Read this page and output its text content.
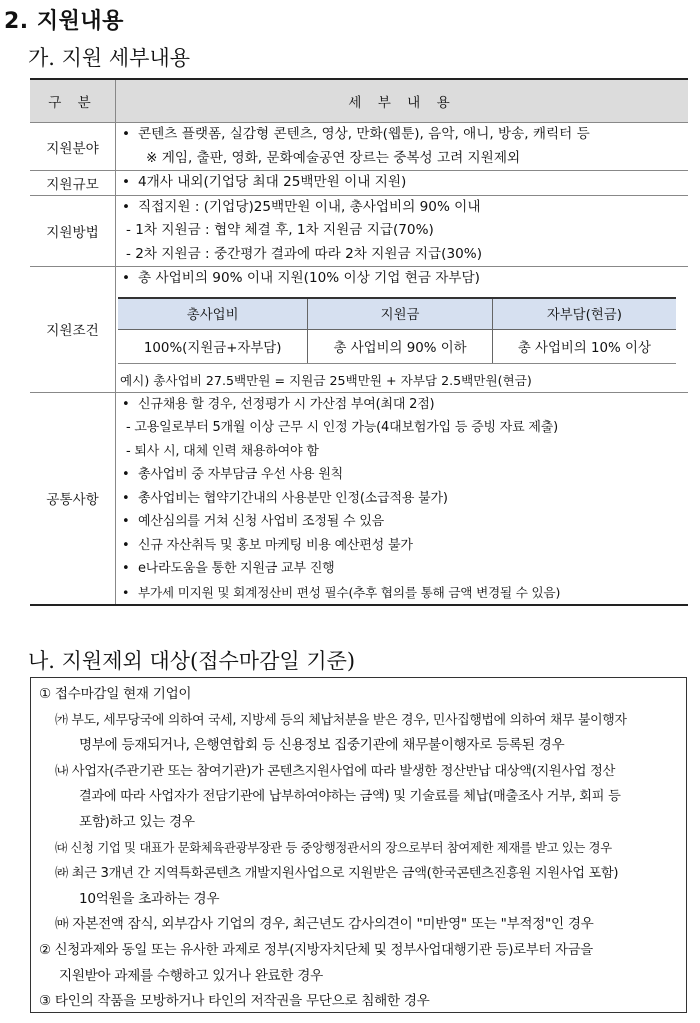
2. 지원내용
가. 지원 세부내용
구 분	세 부 내 용
지원분야	
• 콘텐츠 플랫폼, 실감형 콘텐츠, 영상, 만화(웹툰), 음악, 애니, 방송, 캐릭터 등
※ 게임, 출판, 영화, 문화예술공연 장르는 중복성 고려 지원제외

지원규모	• 4개사 내외(기업당 최대 25백만원 이내 지원)

지원방법	
• 직접지원 : (기업당)25백만원 이내, 총사업비의 90% 이내
- 1차 지원금 : 협약 체결 후, 1차 지원금 지급(70%)
- 2차 지원금 : 중간평가 결과에 따라 2차 지원금 지급(30%)

지원조건	
• 총 사업비의 90% 이내 지원(10% 이상 기업 현금 자부담)
총사업비	지원금	자부담(현금)
100%(지원금+자부담)	총 사업비의 90% 이하	총 사업비의 10% 이상
예시) 총사업비 27.5백만원 = 지원금 25백만원 + 자부담 2.5백만원(현금)

공통사항	
• 신규채용 할 경우, 선정평가 시 가산점 부여(최대 2점)
- 고용일로부터 5개월 이상 근무 시 인정 가능(4대보험가입 등 증빙 자료 제출)
- 퇴사 시, 대체 인력 채용하여야 함
• 총사업비 중 자부담금 우선 사용 원칙
• 총사업비는 협약기간내의 사용분만 인정(소급적용 불가)
• 예산심의를 거쳐 신청 사업비 조정될 수 있음
• 신규 자산취득 및 홍보 마케팅 비용 예산편성 불가
• e나라도움을 통한 지원금 교부 진행
• 부가세 미지원 및 회계정산비 편성 필수(추후 협의를 통해 금액 변경될 수 있음)
나. 지원제외 대상(접수마감일 기준)
① 접수마감일 현재 기업이
㈎ 부도, 세무당국에 의하여 국세, 지방세 등의 체납처분을 받은 경우, 민사집행법에 의하여 채무 불이행자
명부에 등재되거나, 은행연합회 등 신용정보 집중기관에 채무불이행자로 등록된 경우
㈏ 사업자(주관기관 또는 참여기관)가 콘텐츠지원사업에 따라 발생한 정산반납 대상액(지원사업 정산
결과에 따라 사업자가 전담기관에 납부하여야하는 금액) 및 기술료를 체납(매출조사 거부, 회피 등
포함)하고 있는 경우
㈐ 신청 기업 및 대표가 문화체육관광부장관 등 중앙행정관서의 장으로부터 참여제한 제재를 받고 있는 경우
㈑ 최근 3개년 간 지역특화콘텐츠 개발지원사업으로 지원받은 금액(한국콘텐츠진흥원 지원사업 포함)
10억원을 초과하는 경우
㈒ 자본전액 잠식, 외부감사 기업의 경우, 최근년도 감사의견이 "미반영" 또는 "부적정"인 경우
② 신청과제와 동일 또는 유사한 과제로 정부(지방자치단체 및 정부사업대행기관 등)로부터 자금을
지원받아 과제를 수행하고 있거나 완료한 경우
③ 타인의 작품을 모방하거나 타인의 저작권을 무단으로 침해한 경우
